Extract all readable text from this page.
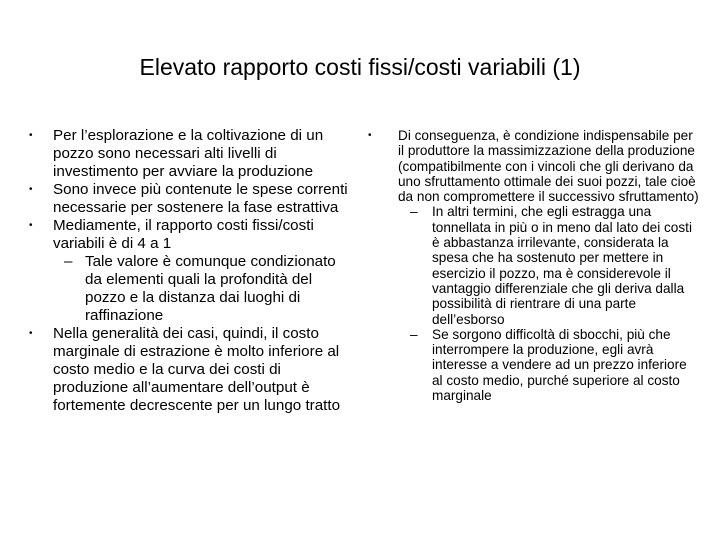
Elevato rapporto costi fissi/costi variabili (1)
• Per l’esplorazione e la coltivazione di un pozzo sono necessari alti livelli di investimento per avviare la produzione
• Sono invece più contenute le spese correnti necessarie per sostenere la fase estrattiva
• Mediamente, il rapporto costi fissi/costi variabili è di 4 a 1
– Tale valore è comunque condizionato da elementi quali la profondità del pozzo e la distanza dai luoghi di raffinazione
• Nella generalità dei casi, quindi, il costo marginale di estrazione è molto inferiore al costo medio e la curva dei costi di produzione all’aumentare dell’output è fortemente decrescente per un lungo tratto
• Di conseguenza, è condizione indispensabile per il produttore la massimizzazione della produzione (compatibilmente con i vincoli che gli derivano da uno sfruttamento ottimale dei suoi pozzi, tale cioè da non compromettere il successivo sfruttamento)
– In altri termini, che egli estragga una tonnellata in più o in meno dal lato dei costi è abbastanza irrilevante, considerata la spesa che ha sostenuto per mettere in esercizio il pozzo, ma è considerevole il vantaggio differenziale che gli deriva dalla possibilità di rientrare di una parte dell’esborso
– Se sorgono difficoltà di sbocchi, più che interrompere la produzione, egli avrà interesse a vendere ad un prezzo inferiore al costo medio, purché superiore al costo marginale
